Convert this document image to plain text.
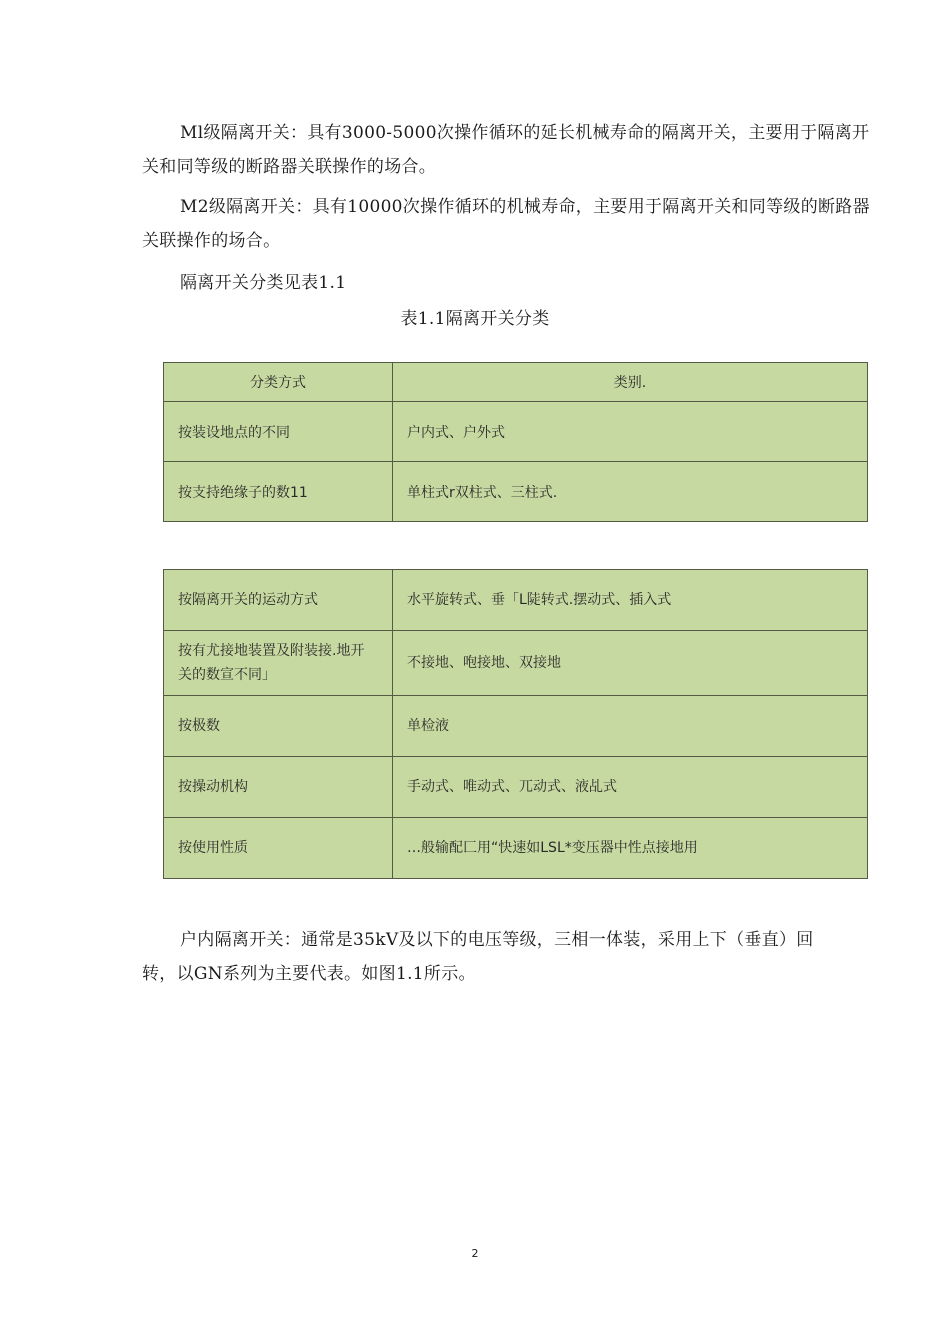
Ml级隔离开关：具有3000-5000次操作循环的延长机械寿命的隔离开关，主要用于隔离开关和同等级的断路器关联操作的场合。
M2级隔离开关：具有10000次操作循环的机械寿命，主要用于隔离开关和同等级的断路器关联操作的场合。
隔离开关分类见表1.1
表1.1隔离开关分类
分类方式	类别.
按装设地点的不同	户内式、户外式
按支持绝缘子的数11	单柱式r双柱式、三柱式.
按隔离开关的运动方式	水平旋转式、垂「L陡转式.摆动式、插入式
按有尤接地装置及附装接.地开关的数宣不同」	不接地、咆接地、双接地
按极数	单检液
按操动机构	手动式、唯动式、兀动式、液乩式
按使用性质	…般输配匚用“快速如LSL*变压器中性点接地用
户内隔离开关：通常是35kV及以下的电压等级，三相一体装，采用上下（垂直）回转，以GN系列为主要代表。如图1.1所示。
2
